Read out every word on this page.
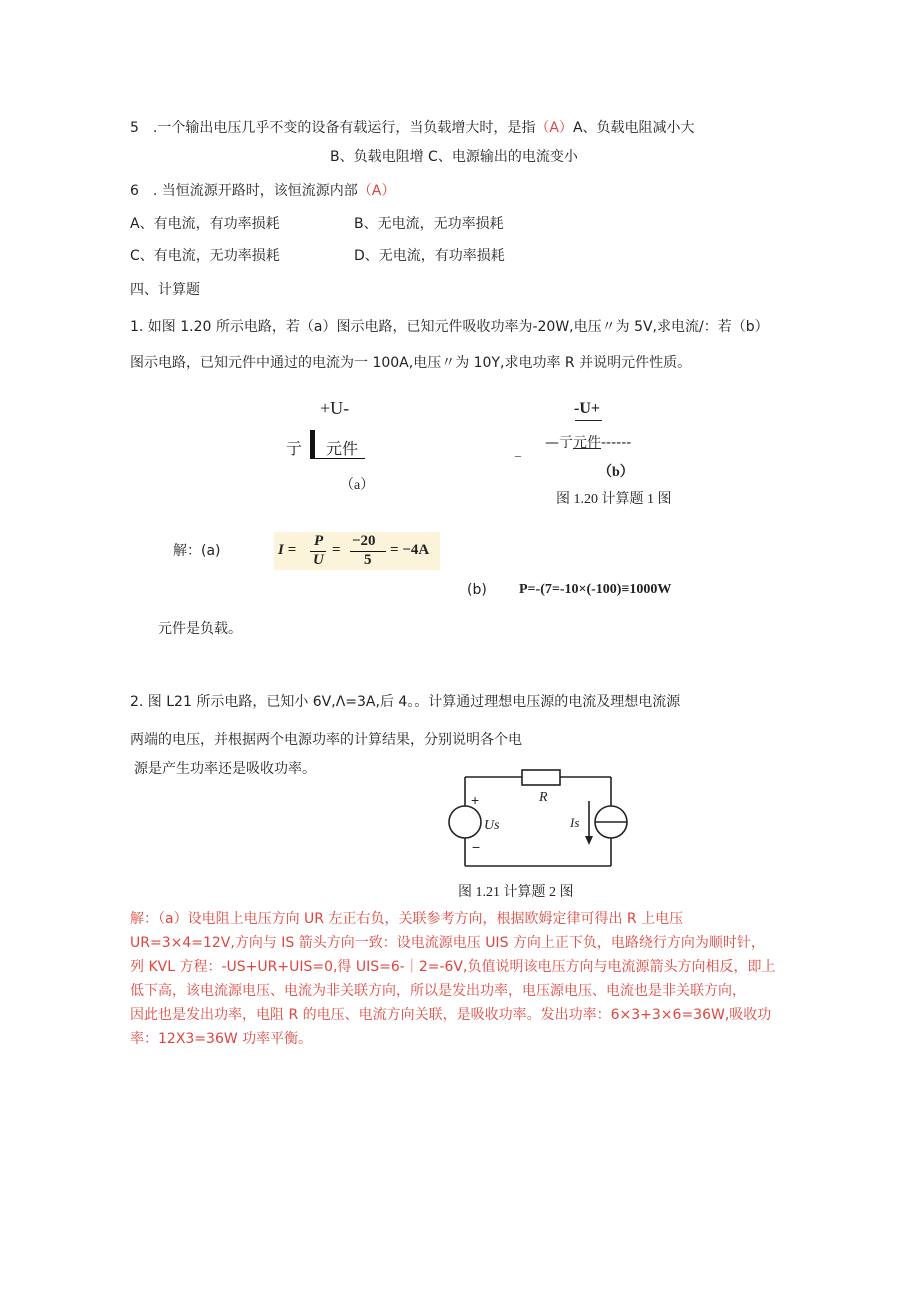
5　.一个输出电压几乎不变的设备有载运行，当负载增大时，是指（A）A、负载电阻减小大
B、负载电阻增 C、电源输出的电流变小
6　. 当恒流源开路时，该恒流源内部（A）
A、有电流，有功率损耗	B、无电流，无功率损耗
C、有电流，无功率损耗	D、无电流，有功率损耗
四、计算题
1. 如图 1.20 所示电路，若（a）图示电路，已知元件吸收功率为-20W,电压〃为 5V,求电流/：若（b）
图示电路，已知元件中通过的电流为一 100A,电压〃为 10Y,求电功率 R 并说明元件性质。
+U-
亍 元件
（a）
-U+
_ —亍元件------
（b）
图 1.20 计算题 1 图
解：(a)	I =
P
U
=
−20
5
= −4A
(b) P=-(7=-10×(-100)≡1000W
元件是负载。
2. 图 L21 所示电路，已知小 6V,Λ=3A,后 4。。计算通过理想电压源的电流及理想电流源
两端的电压，并根据两个电源功率的计算结果，分别说明各个电
源是产生功率还是吸收功率。
+
−
Us
R
Is
图 1.21 计算题 2 图
解：（a）设电阻上电压方向 UR 左正右负，关联参考方向，根据欧姆定律可得出 R 上电压
UR=3×4=12V,方向与 IS 箭头方向一致：设电流源电压 UIS 方向上正下负，电路绕行方向为顺时针，
列 KVL 方程：-US+UR+UIS=0,得 UIS=6-｜2=-6V,负值说明该电压方向与电流源箭头方向相反，即上
低下高，该电流源电压、电流为非关联方向，所以是发出功率，电压源电压、电流也是非关联方向，
因此也是发出功率，电阻 R 的电压、电流方向关联，是吸收功率。发出功率：6×3+3×6=36W,吸收功
率：12X3=36W 功率平衡。
